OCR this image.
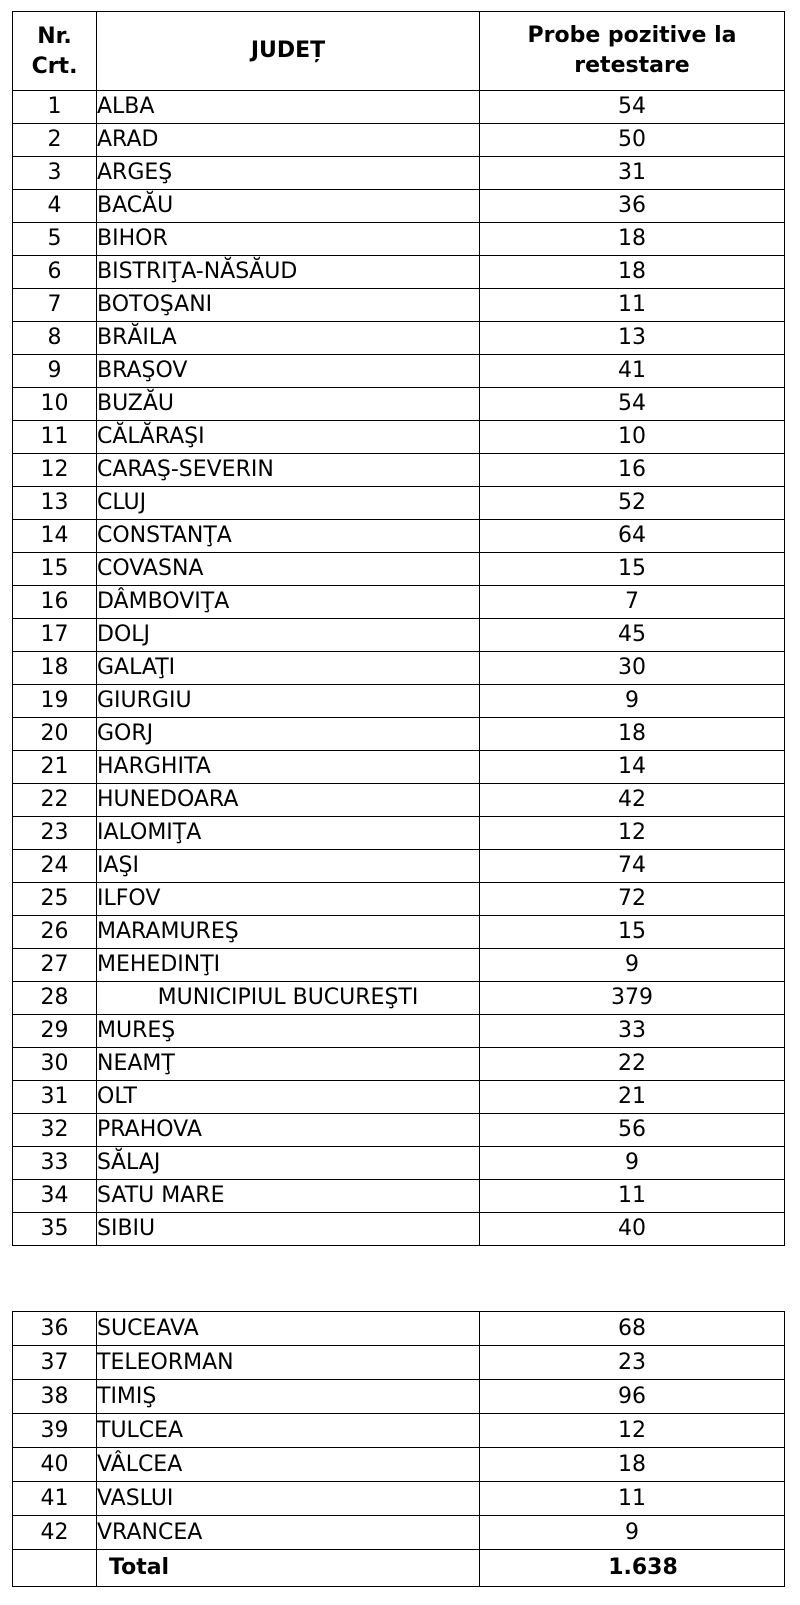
Nr. Crt.	JUDEȚ	Probe pozitive la retestare
1	ALBA	54
2	ARAD	50
3	ARGEŞ	31
4	BACĂU	36
5	BIHOR	18
6	BISTRIŢA-NĂSĂUD	18
7	BOTOŞANI	11
8	BRĂILA	13
9	BRAŞOV	41
10	BUZĂU	54
11	CĂLĂRAŞI	10
12	CARAŞ-SEVERIN	16
13	CLUJ	52
14	CONSTANŢA	64
15	COVASNA	15
16	DÂMBOVIŢA	7
17	DOLJ	45
18	GALAŢI	30
19	GIURGIU	9
20	GORJ	18
21	HARGHITA	14
22	HUNEDOARA	42
23	IALOMIŢA	12
24	IAŞI	74
25	ILFOV	72
26	MARAMUREŞ	15
27	MEHEDINŢI	9
28	MUNICIPIUL BUCUREŞTI	379
29	MUREŞ	33
30	NEAMŢ	22
31	OLT	21
32	PRAHOVA	56
33	SĂLAJ	9
34	SATU MARE	11
35	SIBIU	40
36	SUCEAVA	68
37	TELEORMAN	23
38	TIMIŞ	96
39	TULCEA	12
40	VÂLCEA	18
41	VASLUI	11
42	VRANCEA	9
	Total	1.638
